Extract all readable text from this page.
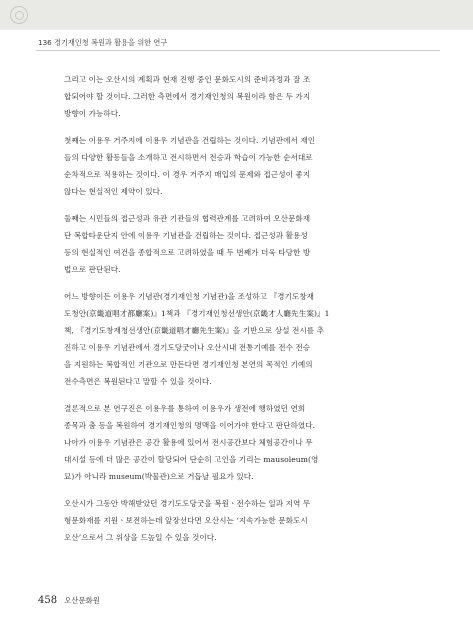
136 경기재인청 복원과 활용을 위한 연구

그리고 이는 오산시의 계획과 현재 진행 중인 문화도시의 준비과정과 잘 조
합되어야 할 것이다. 그러한 측면에서 경기재인청의 복원이라 함은 두 가지
방향이 가능하다.

첫째는 이용우 거주지에 이용우 기념관을 건립하는 것이다. 기념관에서 재인
들의 다양한 활동들을 소개하고 전시하면서 전승과 학습이 가능한 순서대로
순차적으로 적용하는 것이다. 이 경우 거주지 매입의 문제와 접근성이 좋지
않다는 현실적인 제약이 있다.

둘째는 시민들의 접근성과 유관 기관들의 협력관계를 고려하여 오산문화재
단 복합타운단지 안에 이용우 기념관을 건립하는 것이다. 접근성과 활용성
등의 현실적인 여건을 종합적으로 고려하였을 때 두 번째가 더욱 타당한 방
법으로 판단된다.

어느 방향이든 이용우 기념관(경기재인청 기념관)을 조성하고 『경기도창재
도청안(京畿道唱才都廳案)』1책과 『경기재인청선생안(京畿才人廳先生案)』1
책, 『경기도창재청선생안(京畿道唱才廳先生案)』을 기반으로 상설 전시를 추
진하고 이용우 기념관에서 경기도당굿이나 오산시내 전통기예를 전수 전승
을 지원하는 복합적인 기관으로 만든다면 경기재인청 본연의 목적인 기예의
전수측면은 복원된다고 말할 수 있을 것이다.

결론적으로 본 연구진은 이용우를 통하여 이용우가 생전에 행하였던 연희
종목과 춤 등을 복원하여 경기재인청의 명맥을 이어가야 한다고 판단하였다.
나아가 이용우 기념관은 공간 활용에 있어서 전시공간보다 체험공간이나 무
대시설 등에 더 많은 공간이 할당되어 단순히 고인을 기리는 mausoleum(영
묘)가 아니라 museum(박물관)으로 거듭날 필요가 있다.

오산시가 그동안 박해받았던 경기도도당굿을 복원ㆍ전수하는 일과 지역 무
형문화재를 지원ㆍ보전하는데 앞장선다면 오산시는 ‘지속가능한 문화도시
오산’으로서 그 위상을 드높일 수 있을 것이다.

458 오산문화원
